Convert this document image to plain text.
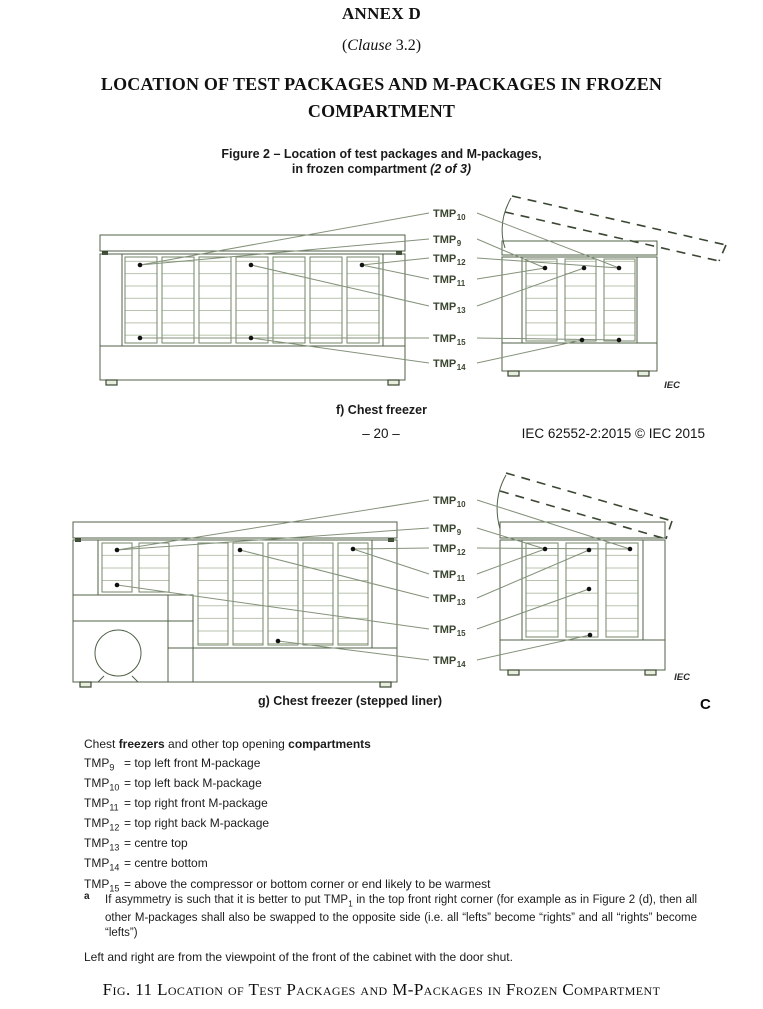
ANNEX D
(Clause 3.2)
LOCATION OF TEST PACKAGES AND M-PACKAGES IN FROZEN
COMPARTMENT
Figure 2 – Location of test packages and M-packages,
in frozen compartment (2 of 3)
$TMP_{10}$
$TMP_9$
$TMP_{12}$
$TMP_{11}$
$TMP_{13}$
$TMP_{15}$
$TMP_{14}$
IEC
f) Chest freezer
– 20 –	IEC 62552-2:2015 © IEC 2015
$TMP_{10}$
$TMP_9$
$TMP_{12}$
$TMP_{11}$
$TMP_{13}$
$TMP_{15}$
$TMP_{14}$
IEC
g) Chest freezer (stepped liner)	C
Chest freezers and other top opening compartments
$TMP_9$ = top left front M-package
$TMP_{10}$ = top left back M-package
$TMP_{11}$ = top right front M-package
$TMP_{12}$ = top right back M-package
$TMP_{13}$ = centre top
$TMP_{14}$ = centre bottom
$TMP_{15}$ = above the compressor or bottom corner or end likely to be warmest
a If asymmetry is such that it is better to put $TMP_1$ in the top front right corner (for example as in Figure 2 (d), then all other M-packages shall also be swapped to the opposite side (i.e. all “lefts” become “rights” and all “rights” become “lefts”)
Left and right are from the viewpoint of the front of the cabinet with the door shut.
Fig. 11 Location of Test Packages and M-Packages in Frozen Compartment
